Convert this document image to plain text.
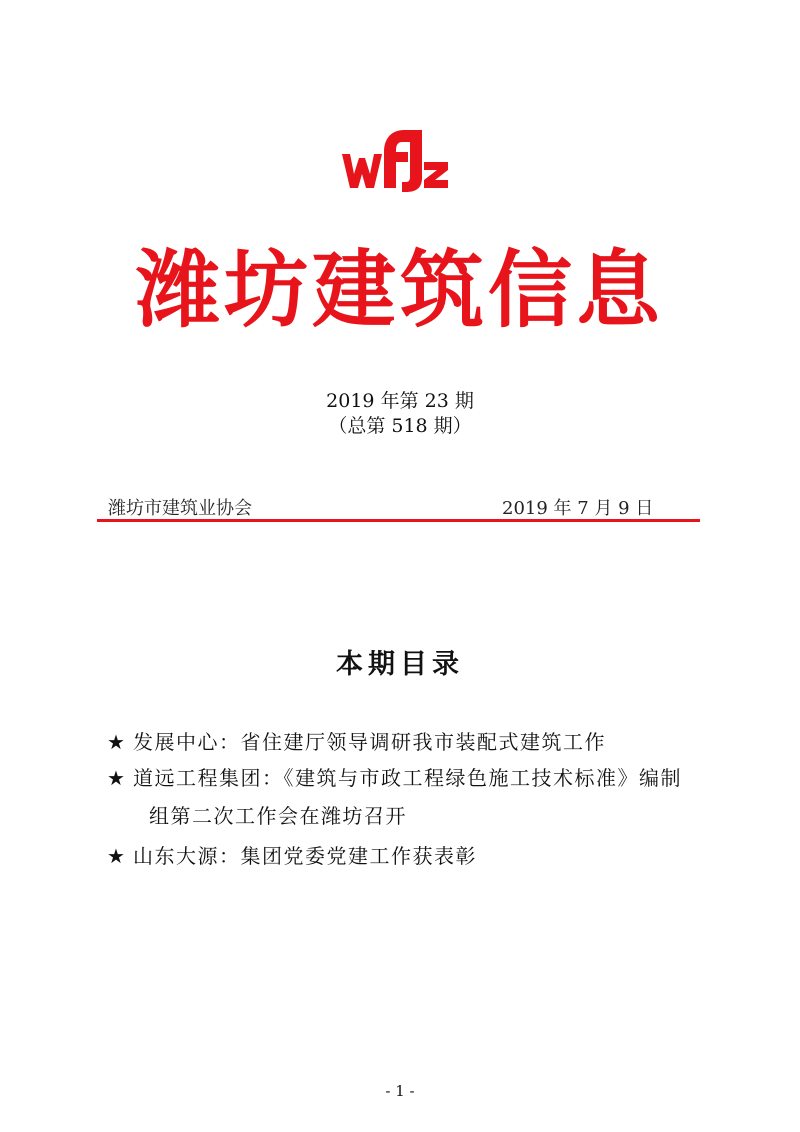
潍坊建筑信息
2019 年第 23 期
（总第 518 期）
潍坊市建筑业协会	2019 年 7 月 9 日
本期目录
★ 发展中心：省住建厅领导调研我市装配式建筑工作
★ 道远工程集团：《建筑与市政工程绿色施工技术标准》编制
组第二次工作会在潍坊召开
★ 山东大源：集团党委党建工作获表彰
- 1 -
